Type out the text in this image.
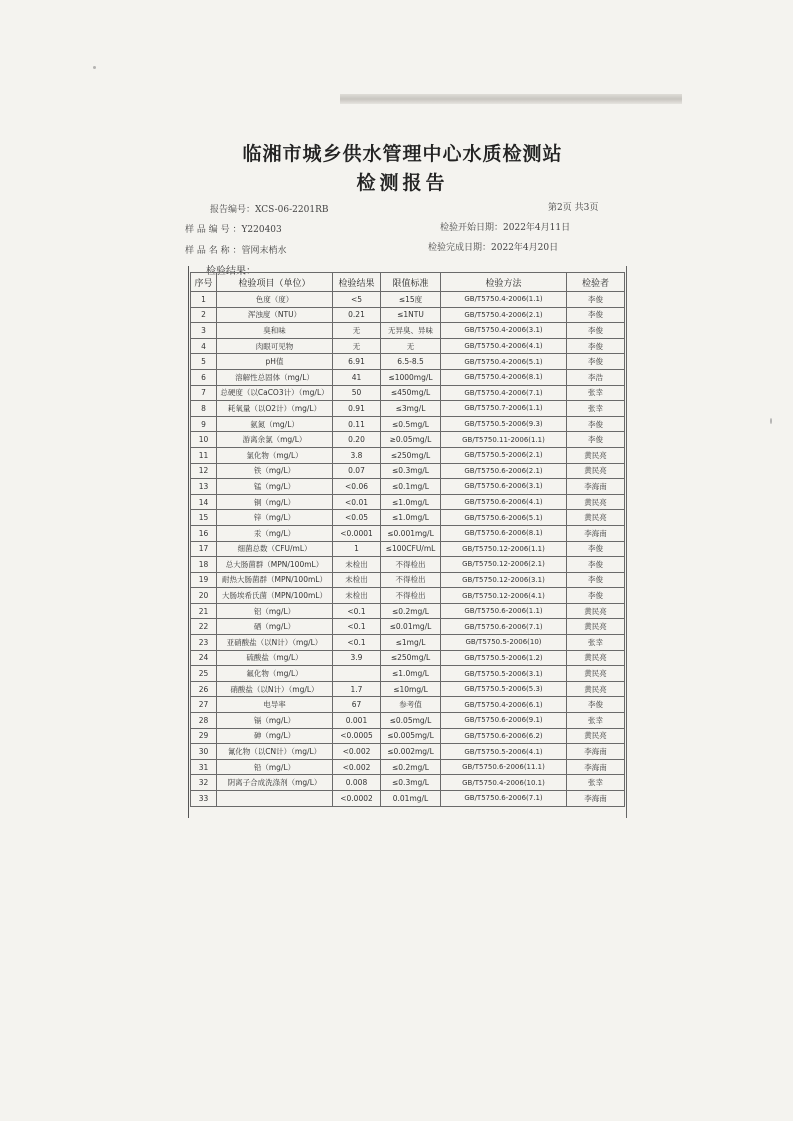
临湘市城乡供水管理中心水质检测站

检测报告

报告编号：XCS-06-2201RB	第2页 共3页
样 品 编 号 ：Y220403	检验开始日期：2022年4月11日
样 品 名 称 ：管网末梢水	检验完成日期：2022年4月20日
检验结果：
序号	检验项目（单位）	检验结果	限值标准	检验方法	检验者
1	色度（度）	<5	≤15度	GB/T5750.4-2006(1.1)	李俊
2	浑浊度（NTU）	0.21	≤1NTU	GB/T5750.4-2006(2.1)	李俊
3	臭和味	无	无异臭、异味	GB/T5750.4-2006(3.1)	李俊
4	肉眼可见物	无	无	GB/T5750.4-2006(4.1)	李俊
5	pH值	6.91	6.5-8.5	GB/T5750.4-2006(5.1)	李俊
6	溶解性总固体（mg/L）	41	≤1000mg/L	GB/T5750.4-2006(8.1)	李浩
7	总硬度（以CaCO3计）（mg/L）	50	≤450mg/L	GB/T5750.4-2006(7.1)	张幸
8	耗氧量（以O2计）（mg/L）	0.91	≤3mg/L	GB/T5750.7-2006(1.1)	张幸
9	氨氮（mg/L）	0.11	≤0.5mg/L	GB/T5750.5-2006(9.3)	李俊
10	游离余氯（mg/L）	0.20	≥0.05mg/L	GB/T5750.11-2006(1.1)	李俊
11	氯化物（mg/L）	3.8	≤250mg/L	GB/T5750.5-2006(2.1)	黄民亮
12	铁（mg/L）	0.07	≤0.3mg/L	GB/T5750.6-2006(2.1)	黄民亮
13	锰（mg/L）	<0.06	≤0.1mg/L	GB/T5750.6-2006(3.1)	李海南
14	铜（mg/L）	<0.01	≤1.0mg/L	GB/T5750.6-2006(4.1)	黄民亮
15	锌（mg/L）	<0.05	≤1.0mg/L	GB/T5750.6-2006(5.1)	黄民亮
16	汞（mg/L）	<0.0001	≤0.001mg/L	GB/T5750.6-2006(8.1)	李海南
17	细菌总数（CFU/mL）	1	≤100CFU/mL	GB/T5750.12-2006(1.1)	李俊
18	总大肠菌群（MPN/100mL）	未检出	不得检出	GB/T5750.12-2006(2.1)	李俊
19	耐热大肠菌群（MPN/100mL）	未检出	不得检出	GB/T5750.12-2006(3.1)	李俊
20	大肠埃希氏菌（MPN/100mL）	未检出	不得检出	GB/T5750.12-2006(4.1)	李俊
21	铝（mg/L）	<0.1	≤0.2mg/L	GB/T5750.6-2006(1.1)	黄民亮
22	硒（mg/L）	<0.1	≤0.01mg/L	GB/T5750.6-2006(7.1)	黄民亮
23	亚硝酸盐（以N计）（mg/L）	<0.1	≤1mg/L	GB/T5750.5-2006(10)	张幸
24	硫酸盐（mg/L）	3.9	≤250mg/L	GB/T5750.5-2006(1.2)	黄民亮
25	氟化物（mg/L）		≤1.0mg/L	GB/T5750.5-2006(3.1)	黄民亮
26	硝酸盐（以N计）（mg/L）	1.7	≤10mg/L	GB/T5750.5-2006(5.3)	黄民亮
27	电导率	67	参考值	GB/T5750.4-2006(6.1)	李俊
28	镉（mg/L）	0.001	≤0.05mg/L	GB/T5750.6-2006(9.1)	张幸
29	砷（mg/L）	<0.0005	≤0.005mg/L	GB/T5750.6-2006(6.2)	黄民亮
30	氰化物（以CN计）（mg/L）	<0.002	≤0.002mg/L	GB/T5750.5-2006(4.1)	李海南
31	铅（mg/L）	<0.002	≤0.2mg/L	GB/T5750.6-2006(11.1)	李海南
32	阴离子合成洗涤剂（mg/L）	0.008	≤0.3mg/L	GB/T5750.4-2006(10.1)	张幸
33		<0.0002	0.01mg/L	GB/T5750.6-2006(7.1)	李海南
